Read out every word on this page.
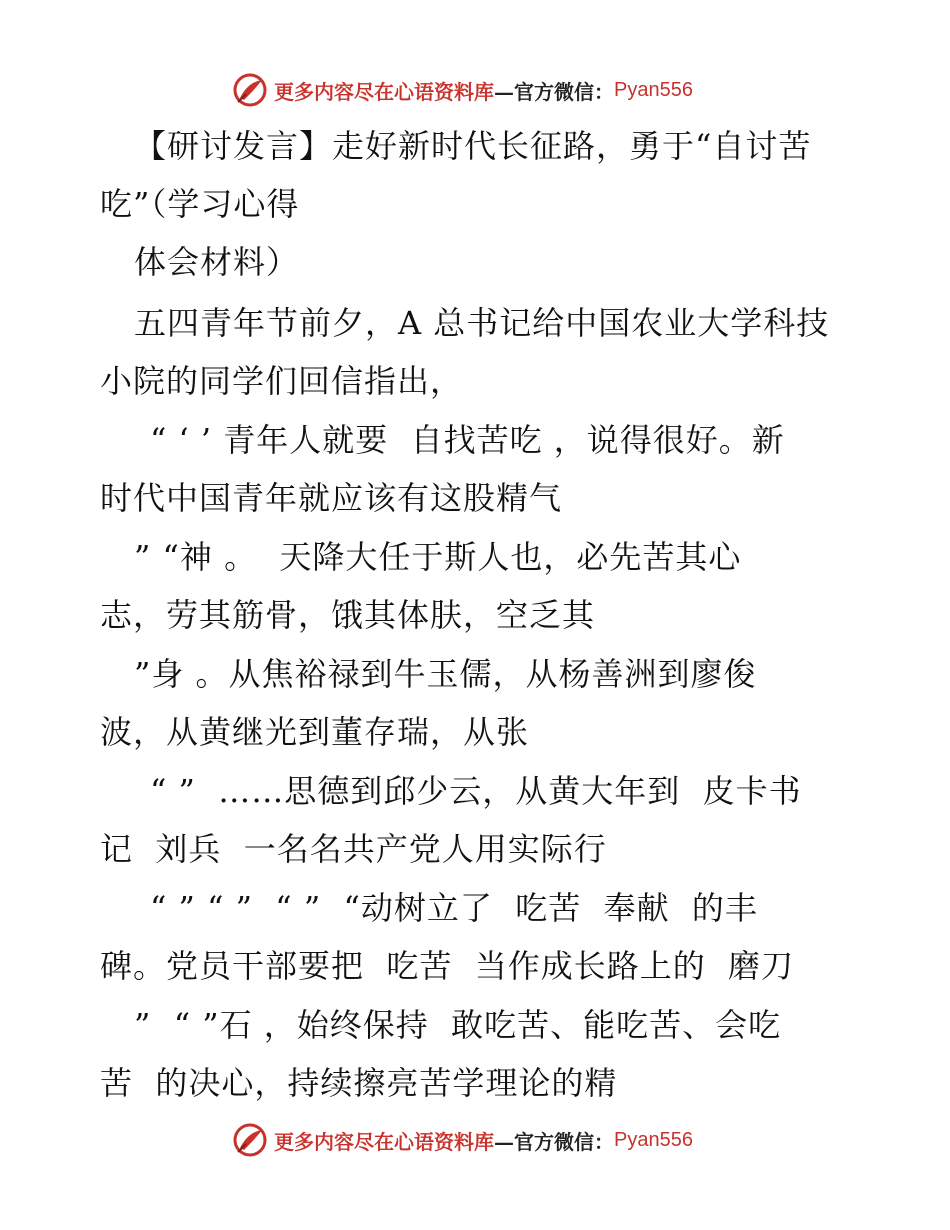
更多内容尽在心语资料库 —官方微信： Pyan556
【研讨发言】走好新时代长征路，勇于“自讨苦
吃”（学习心得
体会材料）
五四青年节前夕，A 总书记给中国农业大学科技
小院的同学们回信指出，
“ ‘ ’ 青年人就要  自找苦吃 ，说得很好。新
时代中国青年就应该有这股精气
” “神 。  天降大任于斯人也，必先苦其心
志，劳其筋骨，饿其体肤，空乏其
”身 。从焦裕禄到牛玉儒，从杨善洲到廖俊
波，从黄继光到董存瑞，从张
“ ”  ……思德到邱少云，从黄大年到  皮卡书
记  刘兵  一名名共产党人用实际行
“ ” “ ”  “ ”  “动树立了  吃苦  奉献  的丰
碑。党员干部要把  吃苦  当作成长路上的  磨刀
”  “ ”石 ，始终保持  敢吃苦、能吃苦、会吃
苦  的决心，持续擦亮苦学理论的精
更多内容尽在心语资料库 —官方微信： Pyan556
